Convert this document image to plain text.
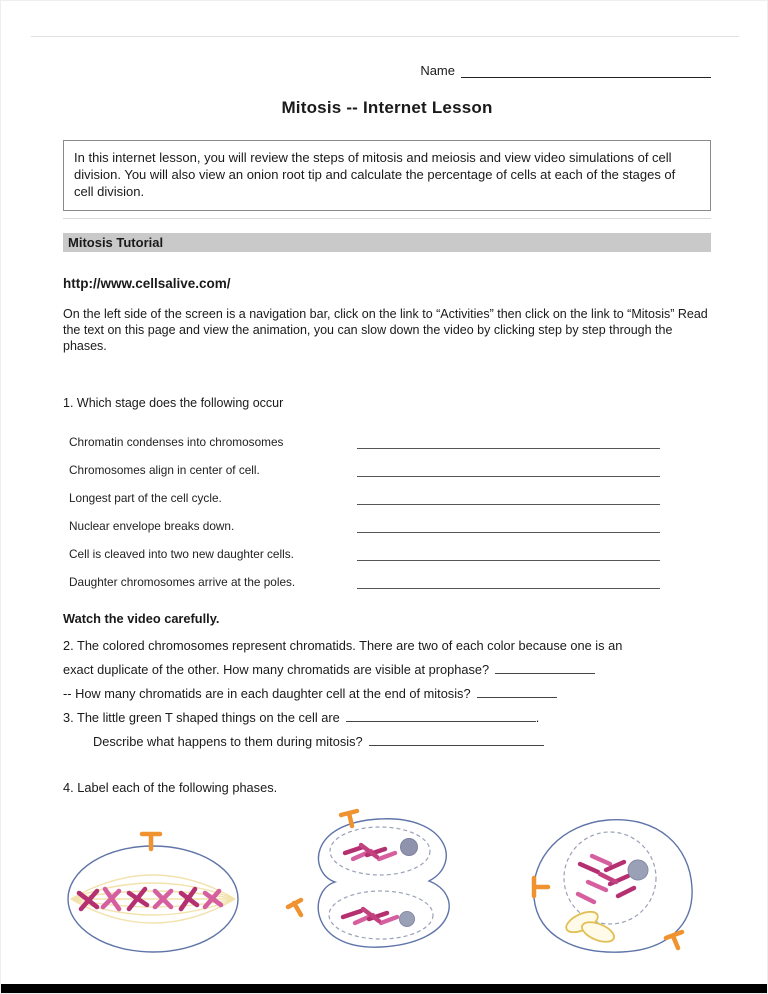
Name
Mitosis -- Internet Lesson
In this internet lesson, you will review the steps of mitosis and meiosis and view video simulations of cell division. You will also view an onion root tip and calculate the percentage of cells at each of the stages of cell division.
Mitosis Tutorial
http://www.cellsalive.com/

On the left side of the screen is a navigation bar, click on the link to “Activities” then click on the link to “Mitosis” Read the text on this page and view the animation, you can slow down the video by clicking step by step through the phases.

1. Which stage does the following occur

Chromatin condenses into chromosomes
Chromosomes align in center of cell.
Longest part of the cell cycle.
Nuclear envelope breaks down.
Cell is cleaved into two new daughter cells.
Daughter chromosomes arrive at the poles.

Watch the video carefully.

2. The colored chromosomes represent chromatids. There are two of each color because one is an
exact duplicate of the other. How many chromatids are visible at prophase?
-- How many chromatids are in each daughter cell at the end of mitosis?
3. The little green T shaped things on the cell are	.
Describe what happens to them during mitosis?

4. Label each of the following phases.
